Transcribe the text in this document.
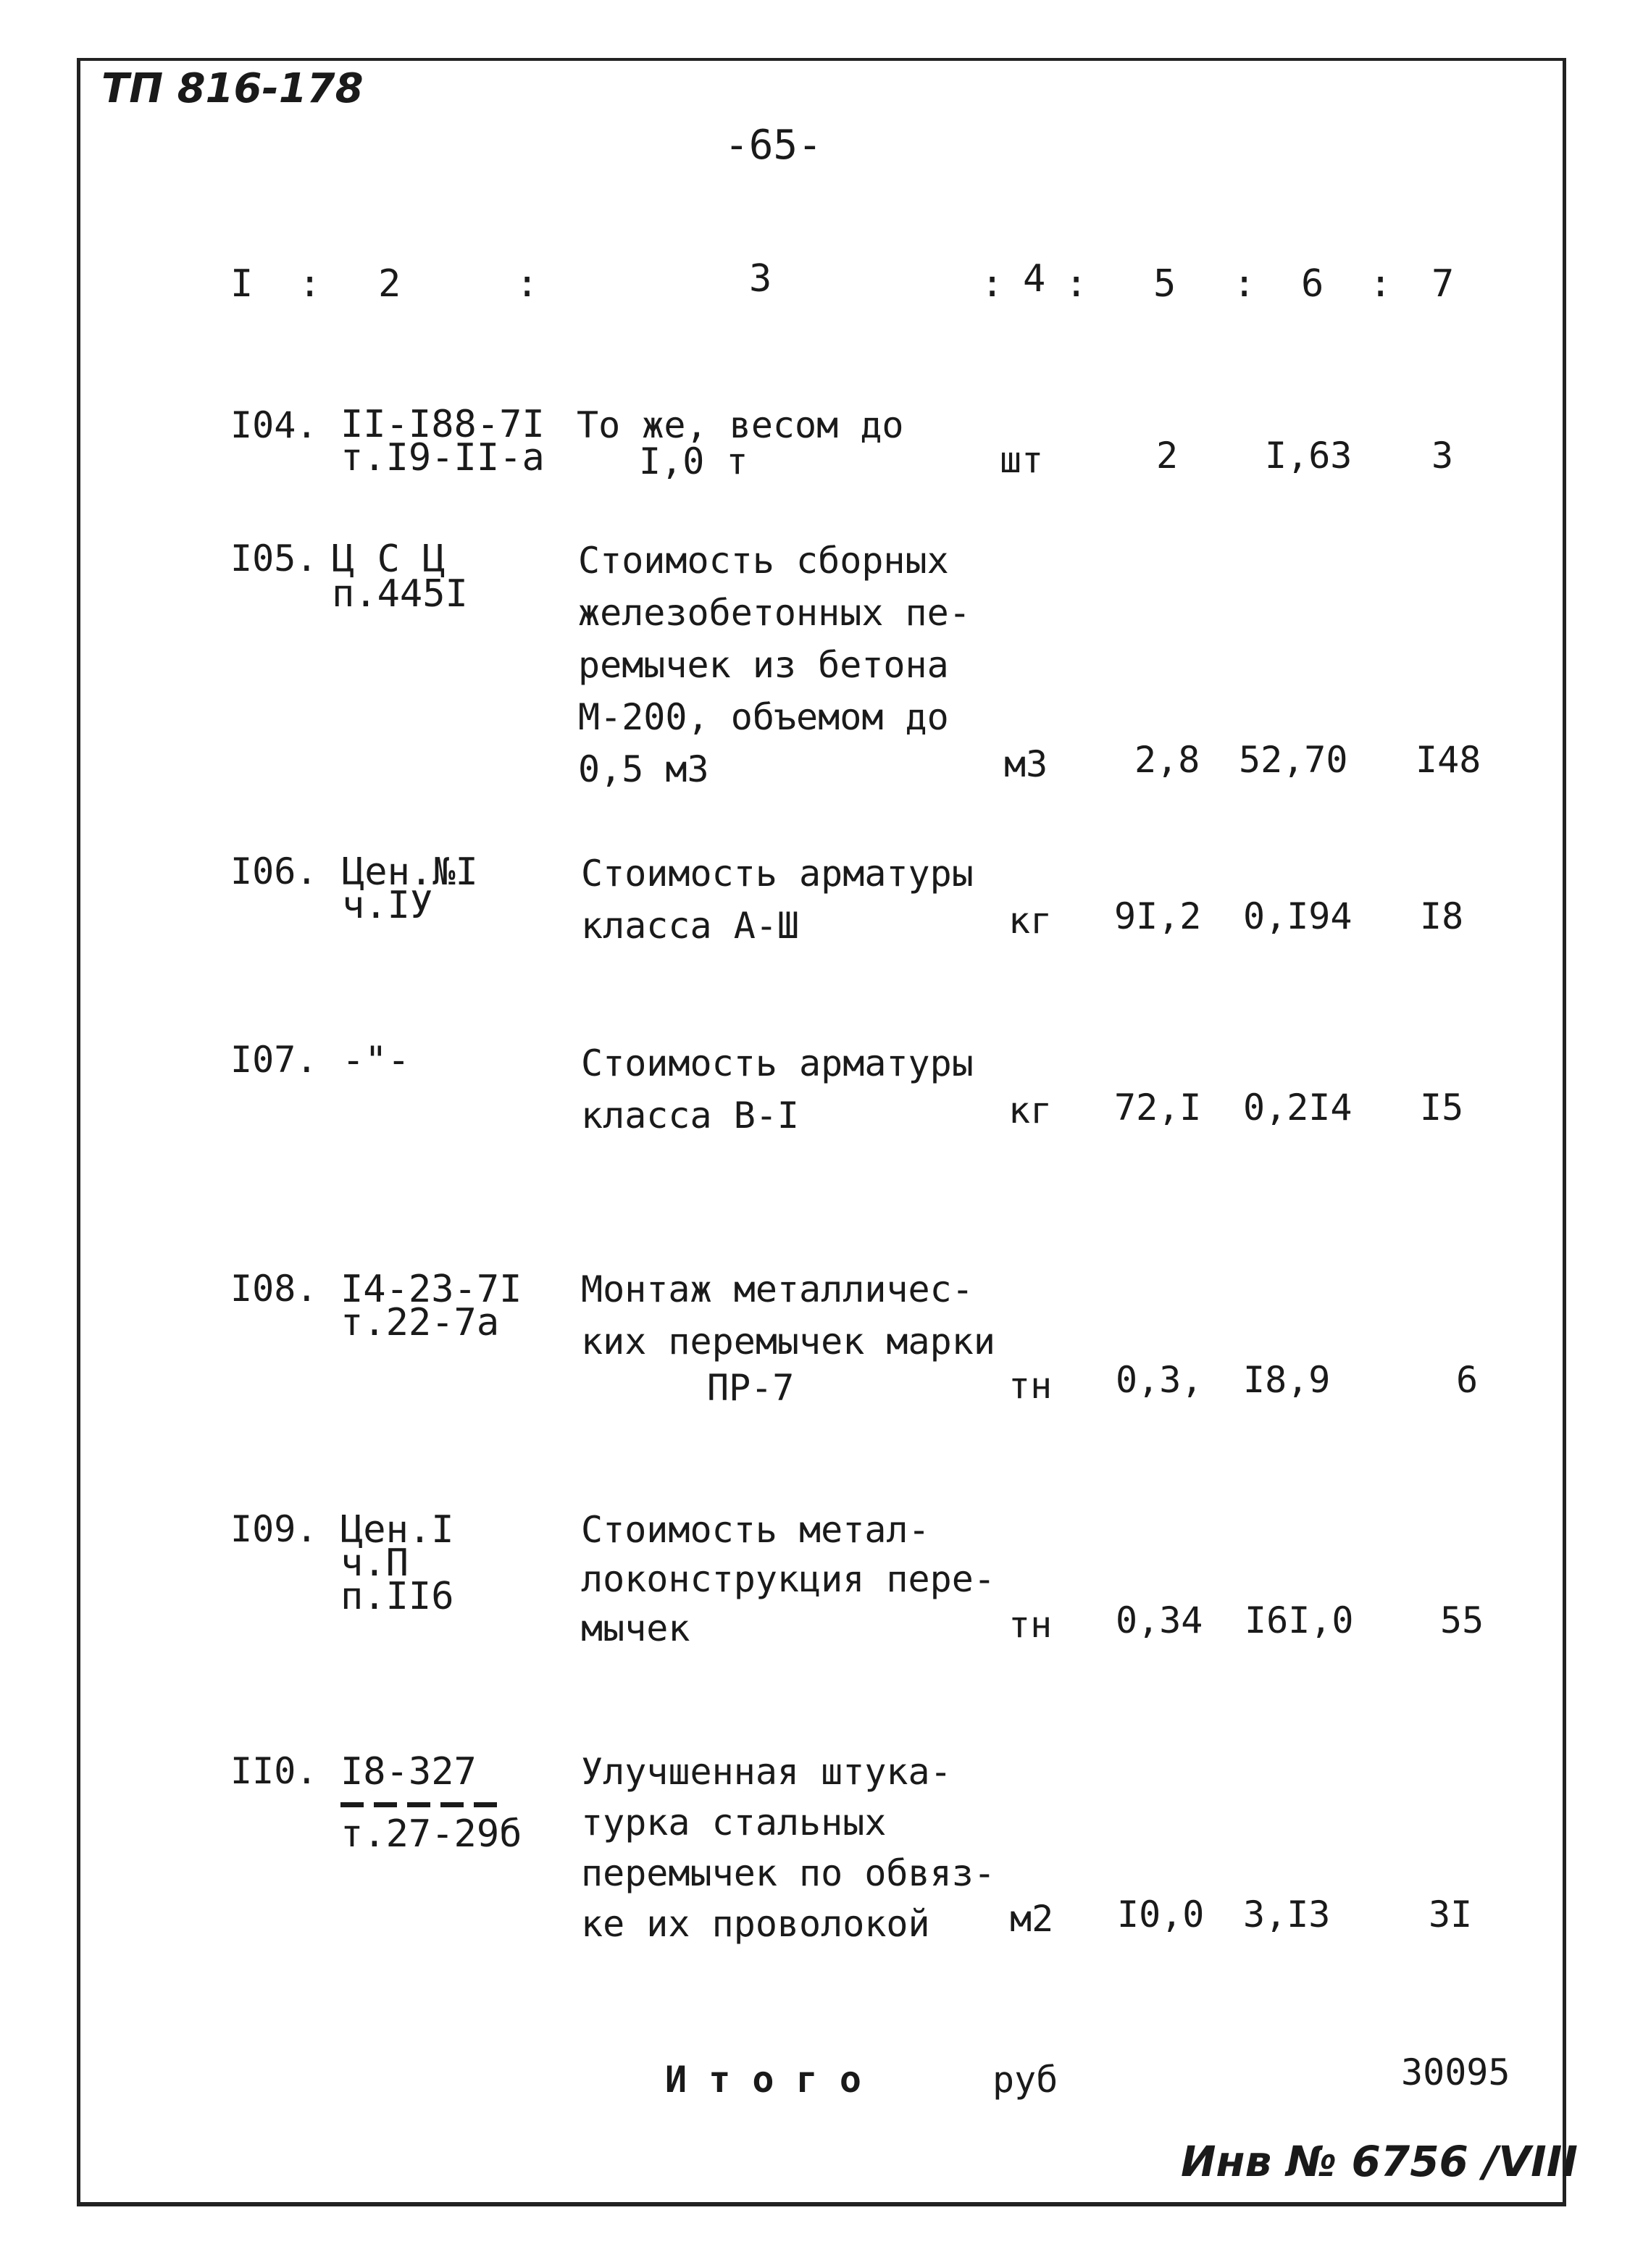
ТП 816-178
-65-
I : 2	:	3	: 4 : 5 : 6 : 7
I04. II-I88-7I
т.I9-II-а
То же, весом до
I,0 т	шт	2 I,63 3
I05. Ц С Ц
п.445I
Стоимость сборных
железобетонных пе-
ремычек из бетона
М-200, объемом до
0,5 м3	м3 2,8 52,70 I48
I06. Цен.№I
ч.IУ
Стоимость арматуры
класса А-Ш	кг 9I,2 0,I94 I8
I07. -"-	Стоимость арматуры
класса В-I	кг 72,I 0,2I4 I5
I08. I4-23-7I
т.22-7а
Монтаж металличес-
ких перемычек марки
ПР-7	тн 0,3, I8,9	6
I09. Цен.I
ч.П
п.II6
Стоимость метал-
локонструкция пере-
мычек	тн 0,34 I6I,0 55
II0. I8-327
т.27-29б
Улучшенная штука-
турка стальных
перемычек по обвяз-
ке их проволокой м2 I0,0 3,I3	3I
И т о г о	руб	30095
Инв № 6756 /VIII
